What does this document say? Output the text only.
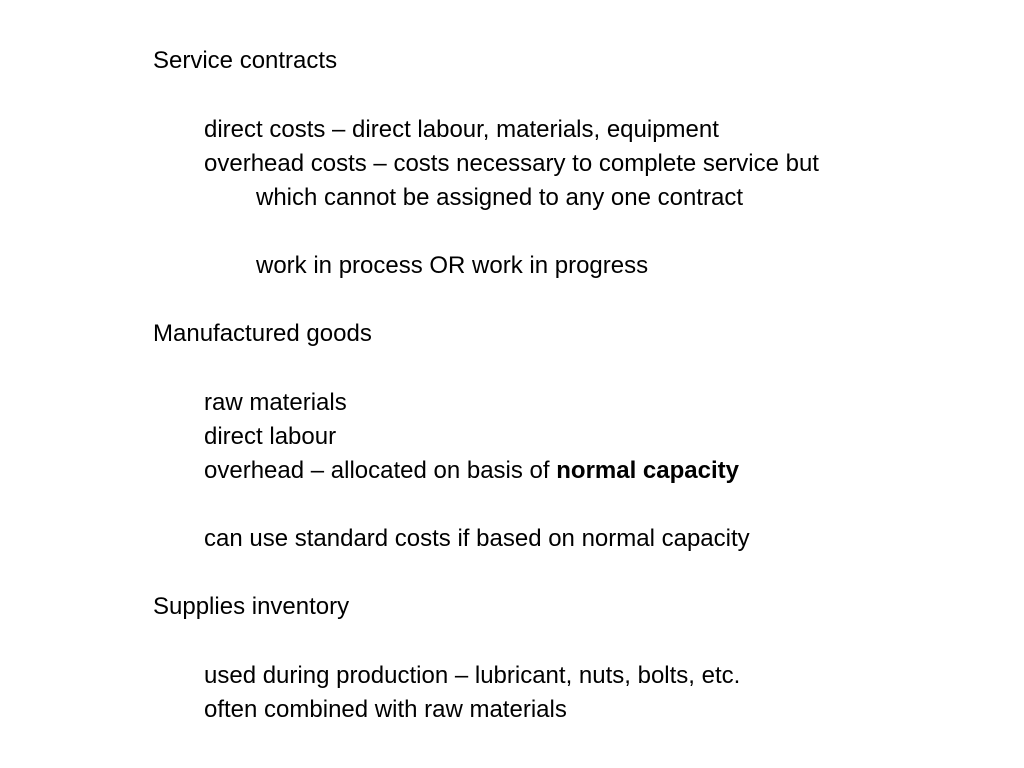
Service contracts
direct costs – direct labour, materials, equipment
overhead costs – costs necessary to complete service but
which cannot be assigned to any one contract
work in process OR work in progress
Manufactured goods
raw materials
direct labour
overhead – allocated on basis of normal capacity
can use standard costs if based on normal capacity
Supplies inventory
used during production – lubricant, nuts, bolts, etc.
often combined with raw materials
